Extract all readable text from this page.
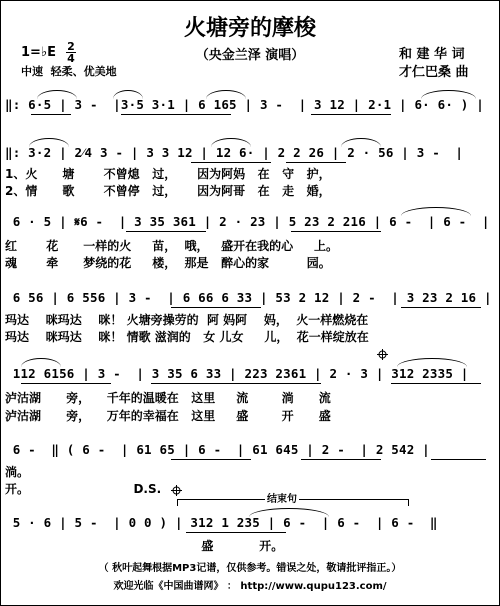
火塘旁的摩梭
（央金兰泽 演唱）	和 建 华 词
才仁巴桑 曲
1=♭E 2
4
中速  轻柔、优美地
‖: 6·5 | 3 -  |3·5 3·1 | 6 165 | 3 -  | 3 12 | 2·1 | 6· 6· ) |
‖: 3·2 | 2⁄4 3 - | 3 3 12 | 12 6· | 2 2 26 | 2 · 56 | 3 -  |
1、火      塘       不曾熄   过，     因为阿妈   在   守   护，
2、情      歌       不曾停   过，     因为阿哥   在   走   婚，
6 · 5 | 𝄋6 -  | 3 35 361 | 2 · 23 | 5 23 2 216 | 6 -  | 6 -  |
红       花      一样的火     苗，  哦，   盛开在我的心     上。
魂       牵      梦绕的花     楼，  那是   醉心的家         园。
6 56 | 6 556 | 3 -  | 6 66 6 33 | 53 2 12 | 2 -  | 3 23 2 16 |
玛达    咪玛达    咪！ 火塘旁操劳的  阿 妈阿    妈，  火一样燃烧在
玛达    咪玛达    咪！ 情歌 滋润的   女 儿女     儿，  花一样绽放在
112 6156 | 3 -  | 3 35 6 33 | 223 2361 | 2 · 3 | 312 2335 |
泸沽湖      旁，    千年的温暖在   这里     流        淌      流
泸沽湖      旁，    万年的幸福在   这里     盛        开      盛
6 -  ‖ ( 6 -  | 61 65 | 6 -  | 61 645 | 2 -  | 2 542 |
淌。
开。                         D.S.
结束句
5 · 6 | 5 -  | 0 0 ) | 312 1 235 | 6 -  | 6 -  | 6 -  ‖
盛           开。
（ 秋叶起舞根据MP3记谱，仅供参考。错误之处，敬请批评指正。）
欢迎光临《中国曲谱网》 ： http://www.qupu123.com/
